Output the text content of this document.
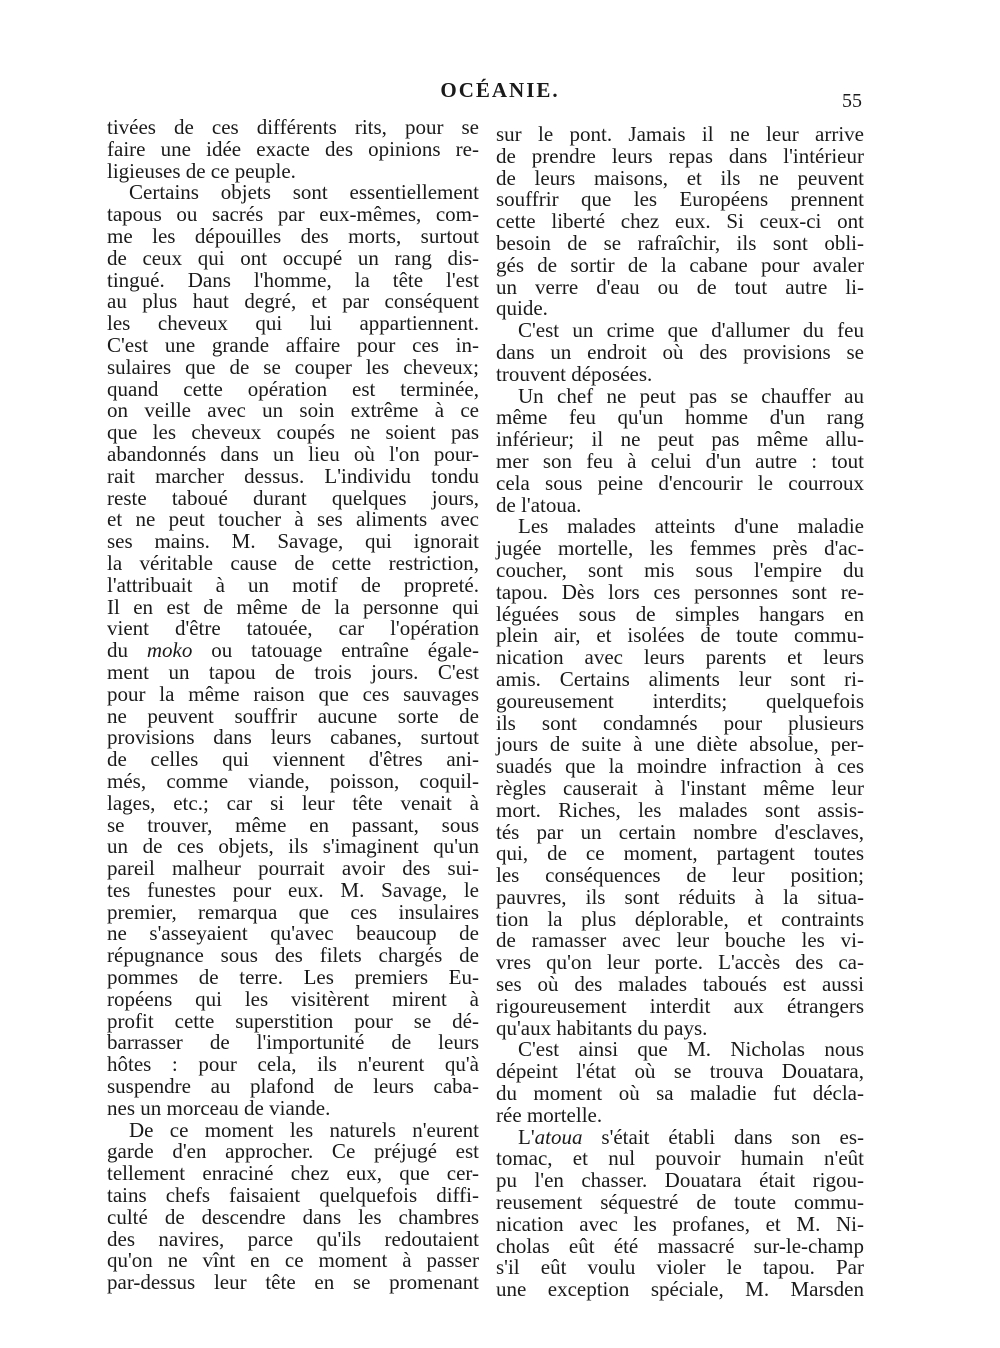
OCÉANIE.	55
tivées de ces différents rits, pour se
faire une idée exacte des opinions re-
ligieuses de ce peuple.
Certains objets sont essentiellement
tapous ou sacrés par eux-mêmes, com-
me les dépouilles des morts, surtout
de ceux qui ont occupé un rang dis-
tingué. Dans l'homme, la tête l'est
au plus haut degré, et par conséquent
les cheveux qui lui appartiennent.
C'est une grande affaire pour ces in-
sulaires que de se couper les cheveux;
quand cette opération est terminée,
on veille avec un soin extrême à ce
que les cheveux coupés ne soient pas
abandonnés dans un lieu où l'on pour-
rait marcher dessus. L'individu tondu
reste taboué durant quelques jours,
et ne peut toucher à ses aliments avec
ses mains. M. Savage, qui ignorait
la véritable cause de cette restriction,
l'attribuait à un motif de propreté.
Il en est de même de la personne qui
vient d'être tatouée, car l'opération
du moko ou tatouage entraîne égale-
ment un tapou de trois jours. C'est
pour la même raison que ces sauvages
ne peuvent souffrir aucune sorte de
provisions dans leurs cabanes, surtout
de celles qui viennent d'êtres ani-
més, comme viande, poisson, coquil-
lages, etc.; car si leur tête venait à
se trouver, même en passant, sous
un de ces objets, ils s'imaginent qu'un
pareil malheur pourrait avoir des sui-
tes funestes pour eux. M. Savage, le
premier, remarqua que ces insulaires
ne s'asseyaient qu'avec beaucoup de
répugnance sous des filets chargés de
pommes de terre. Les premiers Eu-
ropéens qui les visitèrent mirent à
profit cette superstition pour se dé-
barrasser de l'importunité de leurs
hôtes : pour cela, ils n'eurent qu'à
suspendre au plafond de leurs caba-
nes un morceau de viande.
De ce moment les naturels n'eurent
garde d'en approcher. Ce préjugé est
tellement enraciné chez eux, que cer-
tains chefs faisaient quelquefois diffi-
culté de descendre dans les chambres
des navires, parce qu'ils redoutaient
qu'on ne vînt en ce moment à passer
par-dessus leur tête en se promenant
sur le pont. Jamais il ne leur arrive
de prendre leurs repas dans l'intérieur
de leurs maisons, et ils ne peuvent
souffrir que les Européens prennent
cette liberté chez eux. Si ceux-ci ont
besoin de se rafraîchir, ils sont obli-
gés de sortir de la cabane pour avaler
un verre d'eau ou de tout autre li-
quide.
C'est un crime que d'allumer du feu
dans un endroit où des provisions se
trouvent déposées.
Un chef ne peut pas se chauffer au
même feu qu'un homme d'un rang
inférieur; il ne peut pas même allu-
mer son feu à celui d'un autre : tout
cela sous peine d'encourir le courroux
de l'atoua.
Les malades atteints d'une maladie
jugée mortelle, les femmes près d'ac-
coucher, sont mis sous l'empire du
tapou. Dès lors ces personnes sont re-
léguées sous de simples hangars en
plein air, et isolées de toute commu-
nication avec leurs parents et leurs
amis. Certains aliments leur sont ri-
goureusement interdits; quelquefois
ils sont condamnés pour plusieurs
jours de suite à une diète absolue, per-
suadés que la moindre infraction à ces
règles causerait à l'instant même leur
mort. Riches, les malades sont assis-
tés par un certain nombre d'esclaves,
qui, de ce moment, partagent toutes
les conséquences de leur position;
pauvres, ils sont réduits à la situa-
tion la plus déplorable, et contraints
de ramasser avec leur bouche les vi-
vres qu'on leur porte. L'accès des ca-
ses où des malades taboués est aussi
rigoureusement interdit aux étrangers
qu'aux habitants du pays.
C'est ainsi que M. Nicholas nous
dépeint l'état où se trouva Douatara,
du moment où sa maladie fut décla-
rée mortelle.
L'atoua s'était établi dans son es-
tomac, et nul pouvoir humain n'eût
pu l'en chasser. Douatara était rigou-
reusement séquestré de toute commu-
nication avec les profanes, et M. Ni-
cholas eût été massacré sur-le-champ
s'il eût voulu violer le tapou. Par
une exception spéciale, M. Marsden
